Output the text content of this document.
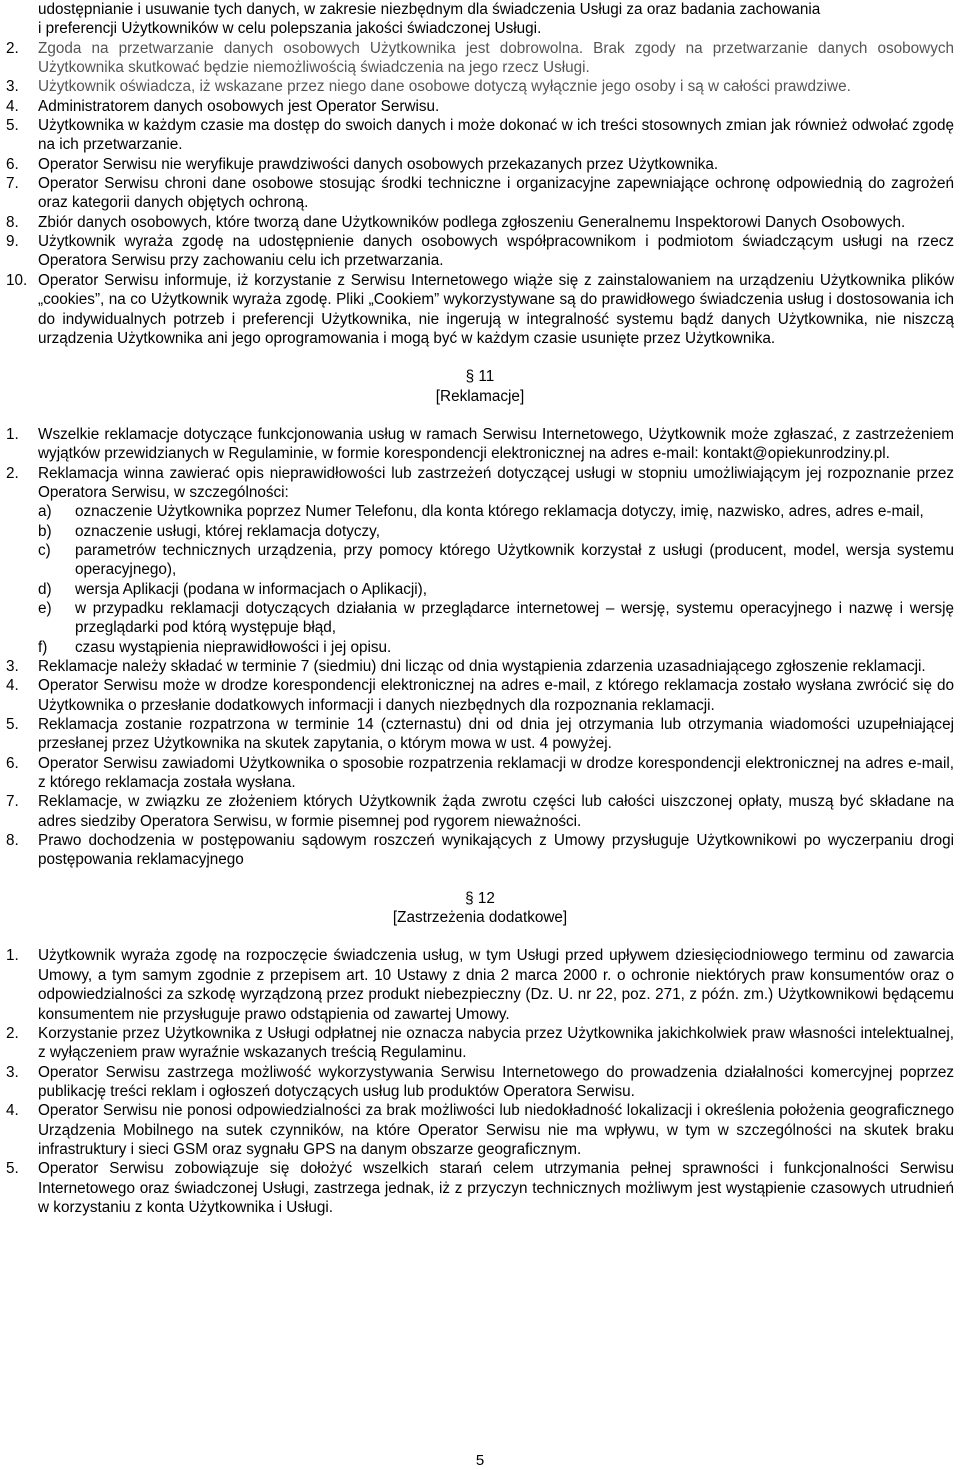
udostępnianie i usuwanie tych danych, w zakresie niezbędnym dla świadczenia Usługi za oraz badania zachowania
i preferencji Użytkowników w celu polepszania jakości świadczonej Usługi.
2.	Zgoda na przetwarzanie danych osobowych Użytkownika jest dobrowolna. Brak zgody na przetwarzanie danych osobowych Użytkownika skutkować będzie niemożliwością świadczenia na jego rzecz Usługi.
3.	Użytkownik oświadcza, iż wskazane przez niego dane osobowe dotyczą wyłącznie jego osoby i są w całości prawdziwe.
4.	Administratorem danych osobowych jest Operator Serwisu.
5.	Użytkownika w każdym czasie ma dostęp do swoich danych i może dokonać w ich treści stosownych zmian jak również odwołać zgodę na ich przetwarzanie.
6.	Operator Serwisu nie weryfikuje prawdziwości danych osobowych przekazanych przez Użytkownika.
7.	Operator Serwisu chroni dane osobowe stosując środki techniczne i organizacyjne zapewniające ochronę odpowiednią do zagrożeń oraz kategorii danych objętych ochroną.
8.	Zbiór danych osobowych, które tworzą dane Użytkowników podlega zgłoszeniu Generalnemu Inspektorowi Danych Osobowych.
9.	Użytkownik wyraża zgodę na udostępnienie danych osobowych współpracownikom i podmiotom świadczącym usługi na rzecz Operatora Serwisu przy zachowaniu celu ich przetwarzania.
10. Operator Serwisu informuje, iż korzystanie z Serwisu Internetowego wiąże się z zainstalowaniem na urządzeniu Użytkownika plików „cookies”, na co Użytkownik wyraża zgodę. Pliki „Cookiem” wykorzystywane są do prawidłowego świadczenia usług i dostosowania ich do indywidualnych potrzeb i preferencji Użytkownika, nie ingerują w integralność systemu bądź danych Użytkownika, nie niszczą urządzenia Użytkownika ani jego oprogramowania i mogą być w każdym czasie usunięte przez Użytkownika.
§ 11
[Reklamacje]
1.	Wszelkie reklamacje dotyczące funkcjonowania usług w ramach Serwisu Internetowego, Użytkownik może zgłaszać, z zastrzeżeniem wyjątków przewidzianych w Regulaminie, w formie korespondencji elektronicznej na adres e-mail: kontakt@opiekunrodziny.pl.
2.	Reklamacja winna zawierać opis nieprawidłowości lub zastrzeżeń dotyczącej usługi w stopniu umożliwiającym jej rozpoznanie przez Operatora Serwisu, w szczególności:
a)	oznaczenie Użytkownika poprzez Numer Telefonu, dla konta którego reklamacja dotyczy, imię, nazwisko, adres, adres e-mail,
b)	oznaczenie usługi, której reklamacja dotyczy,
c)	parametrów technicznych urządzenia, przy pomocy którego Użytkownik korzystał z usługi (producent, model, wersja systemu operacyjnego),
d)	wersja Aplikacji (podana w informacjach o Aplikacji),
e)	w przypadku reklamacji dotyczących działania w przeglądarce internetowej – wersję, systemu operacyjnego i nazwę i wersję przeglądarki pod którą występuje błąd,
f)	czasu wystąpienia nieprawidłowości i jej opisu.
3.	Reklamacje należy składać w terminie 7 (siedmiu) dni licząc od dnia wystąpienia zdarzenia uzasadniającego zgłoszenie reklamacji.
4.	Operator Serwisu może w drodze korespondencji elektronicznej na adres e-mail, z którego reklamacja zostało wysłana zwrócić się do Użytkownika o przesłanie dodatkowych informacji i danych niezbędnych dla rozpoznania reklamacji.
5.	Reklamacja zostanie rozpatrzona w terminie 14 (czternastu) dni od dnia jej otrzymania lub otrzymania wiadomości uzupełniającej przesłanej przez Użytkownika na skutek zapytania, o którym mowa w ust. 4 powyżej.
6.	Operator Serwisu zawiadomi Użytkownika o sposobie rozpatrzenia reklamacji w drodze korespondencji elektronicznej na adres e-mail, z którego reklamacja została wysłana.
7.	Reklamacje, w związku ze złożeniem których Użytkownik żąda zwrotu części lub całości uiszczonej opłaty, muszą być składane na adres siedziby Operatora Serwisu, w formie pisemnej pod rygorem nieważności.
8.	Prawo dochodzenia w postępowaniu sądowym roszczeń wynikających z Umowy przysługuje Użytkownikowi po wyczerpaniu drogi postępowania reklamacyjnego
§ 12
[Zastrzeżenia dodatkowe]
1.	Użytkownik wyraża zgodę na rozpoczęcie świadczenia usług, w tym Usługi przed upływem dziesięciodniowego terminu od zawarcia Umowy, a tym samym zgodnie z przepisem art. 10 Ustawy z dnia 2 marca 2000 r. o ochronie niektórych praw konsumentów oraz o odpowiedzialności za szkodę wyrządzoną przez produkt niebezpieczny (Dz. U. nr 22, poz. 271, z późn. zm.) Użytkownikowi będącemu konsumentem nie przysługuje prawo odstąpienia od zawartej Umowy.
2.	Korzystanie przez Użytkownika z Usługi odpłatnej nie oznacza nabycia przez Użytkownika jakichkolwiek praw własności intelektualnej, z wyłączeniem praw wyraźnie wskazanych treścią Regulaminu.
3.	Operator Serwisu zastrzega możliwość wykorzystywania Serwisu Internetowego do prowadzenia działalności komercyjnej poprzez publikację treści reklam i ogłoszeń dotyczących usług lub produktów Operatora Serwisu.
4.	Operator Serwisu nie ponosi odpowiedzialności za brak możliwości lub niedokładność lokalizacji i określenia położenia geograficznego Urządzenia Mobilnego na sutek czynników, na które Operator Serwisu nie ma wpływu, w tym w szczególności na skutek braku infrastruktury i sieci GSM oraz sygnału GPS na danym obszarze geograficznym.
5.	Operator Serwisu zobowiązuje się dołożyć wszelkich starań celem utrzymania pełnej sprawności i funkcjonalności Serwisu Internetowego oraz świadczonej Usługi, zastrzega jednak, iż z przyczyn technicznych możliwym jest wystąpienie czasowych utrudnień w korzystaniu z konta Użytkownika i Usługi.
5
